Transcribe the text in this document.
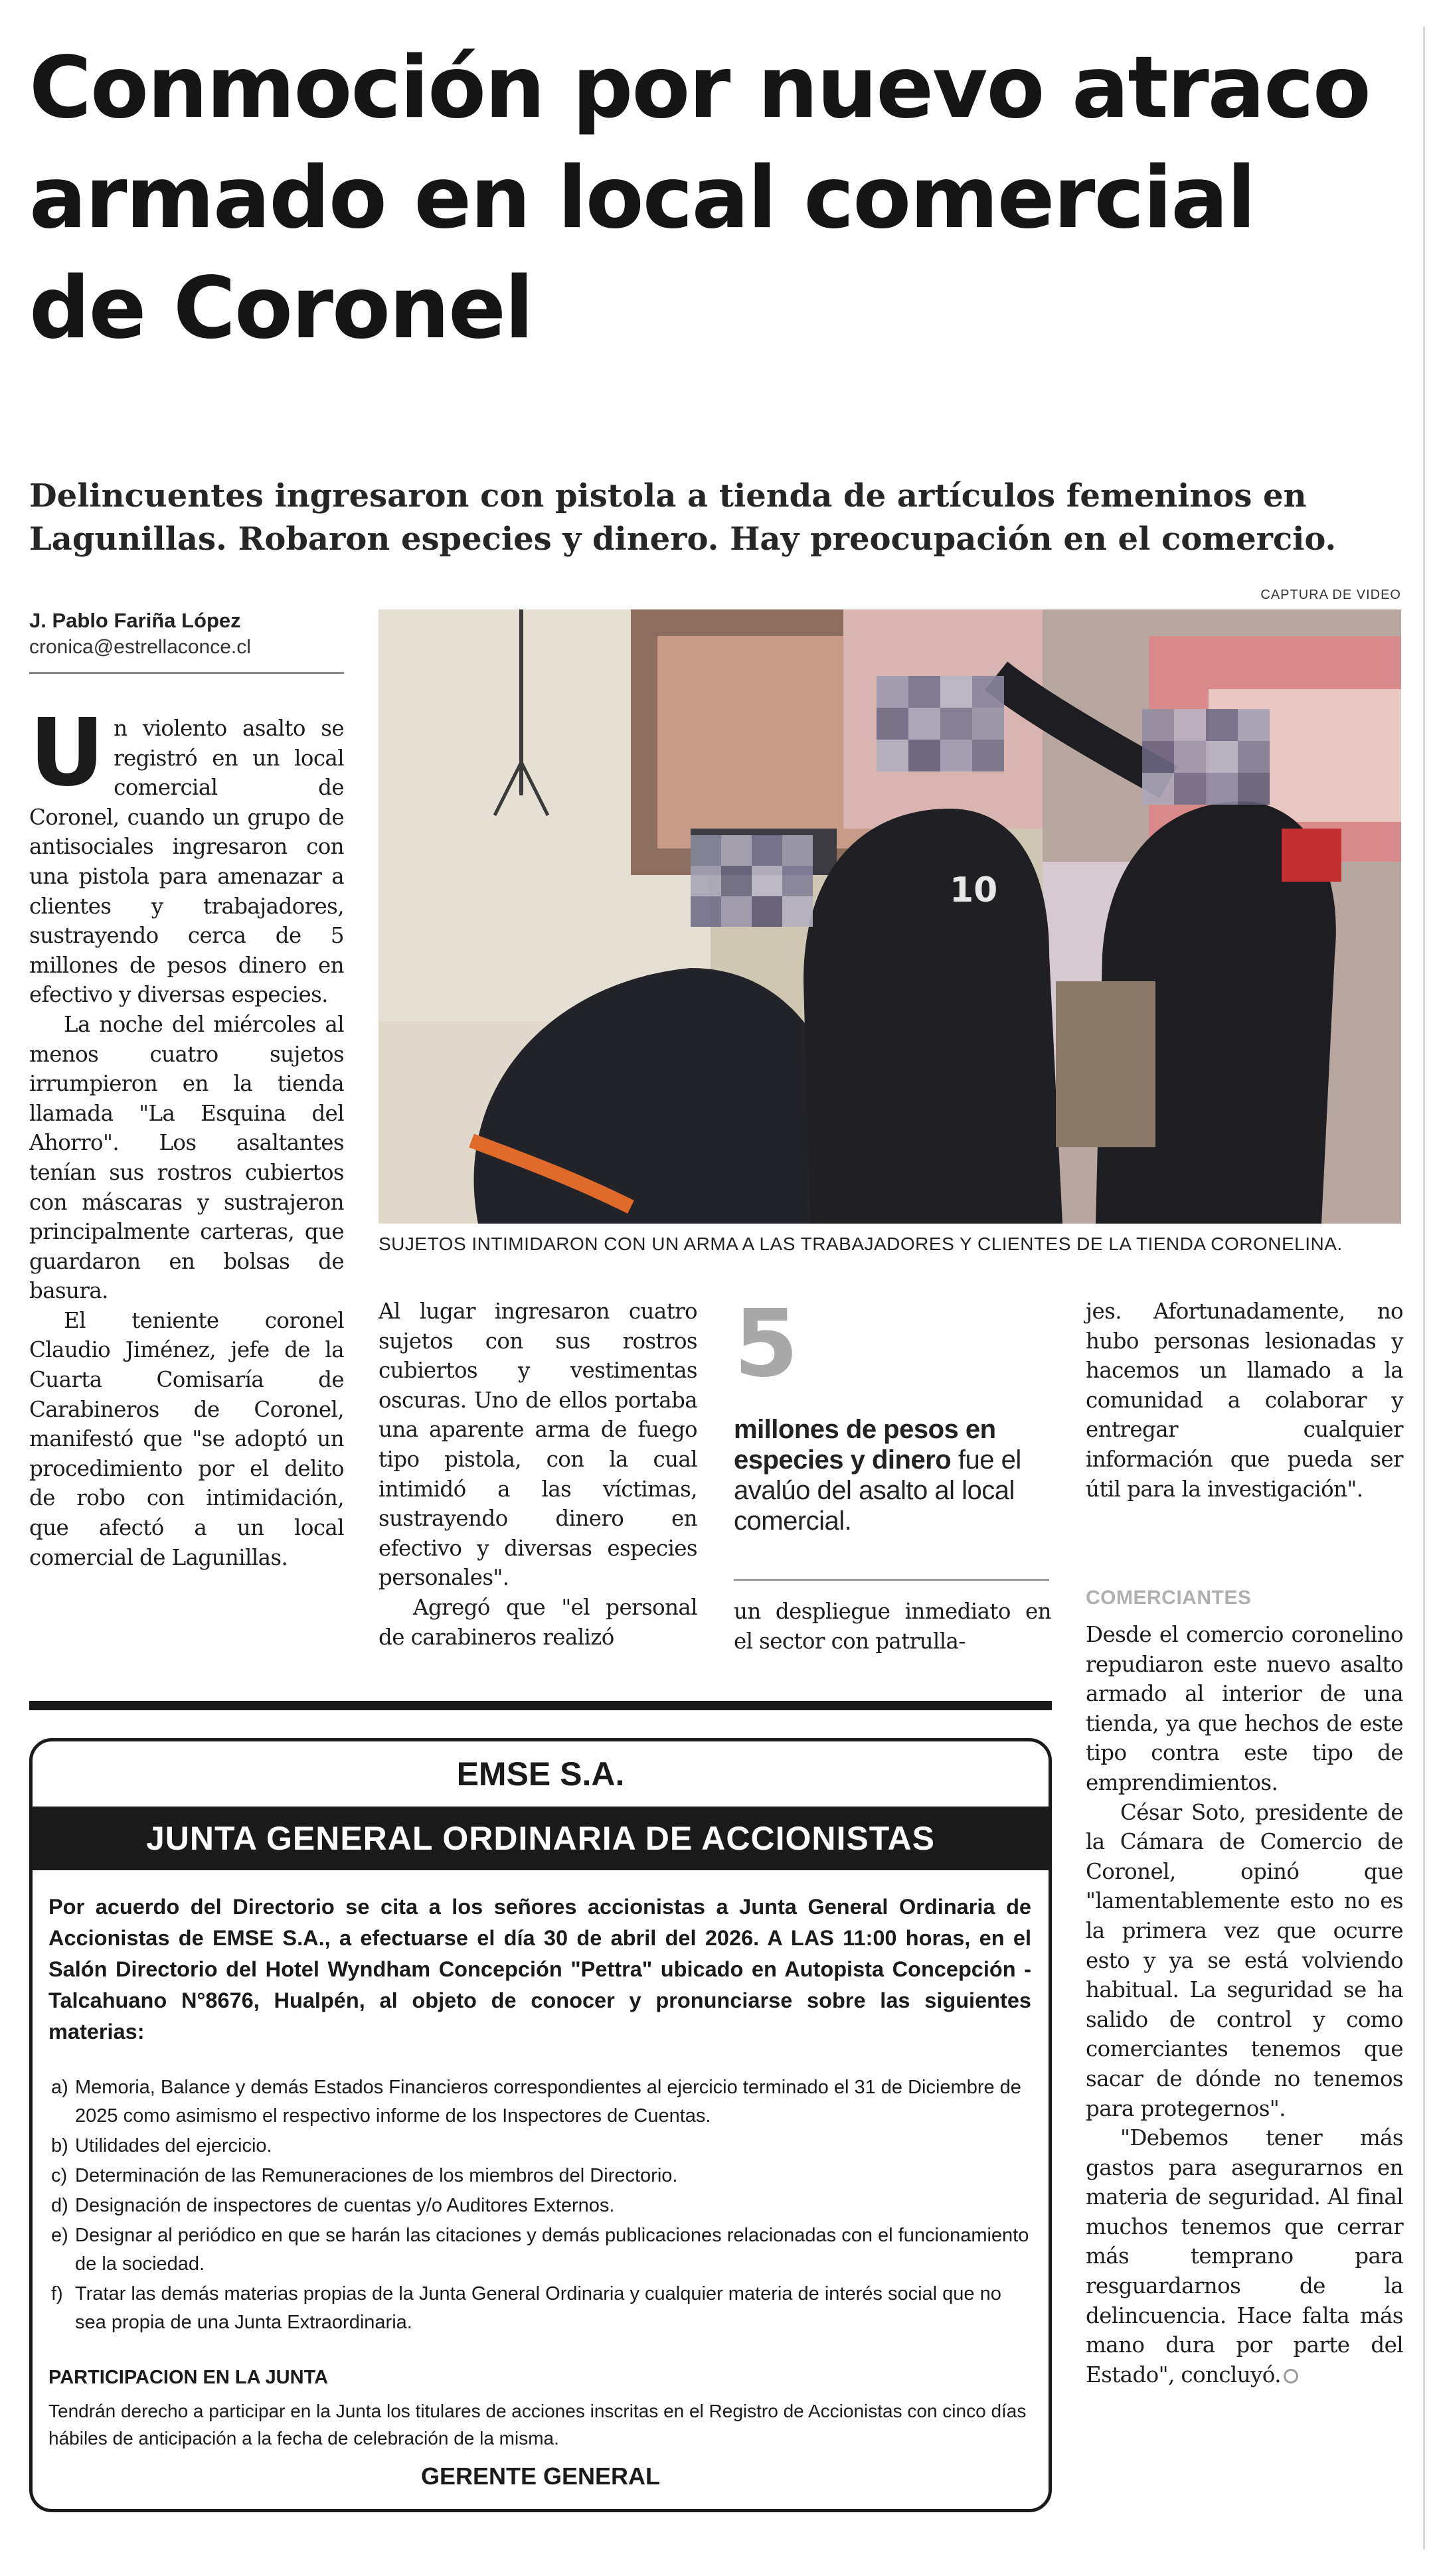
Conmoción por nuevo atraco armado en local comercial de Coronel
Delincuentes ingresaron con pistola a tienda de artículos femeninos en Lagunillas. Robaron especies y dinero. Hay preocupación en el comercio.
J. Pablo Fariña López
cronica@estrellaconce.cl
CAPTURA DE VIDEO
10
SUJETOS INTIMIDARON CON UN ARMA A LAS TRABAJADORES Y CLIENTES DE LA TIENDA CORONELINA.

Un violento asalto se registró en un local comercial de Coronel, cuando un grupo de antisociales ingresaron con una pistola para amenazar a clientes y trabajadores, sustrayendo cerca de 5 millones de pesos dinero en efectivo y diversas especies.

La noche del miércoles al menos cuatro sujetos irrumpieron en la tienda llamada "La Esquina del Ahorro". Los asaltantes tenían sus rostros cubiertos con máscaras y sustrajeron principalmente carteras, que guardaron en bolsas de basura.

El teniente coronel Claudio Jiménez, jefe de la Cuarta Comisaría de Carabineros de Coronel, manifestó que "se adoptó un procedimiento por el delito de robo con intimidación, que afectó a un local comercial de Lagunillas.

Al lugar ingresaron cuatro sujetos con sus rostros cubiertos y vestimentas oscuras. Uno de ellos portaba una aparente arma de fuego tipo pistola, con la cual intimidó a las víctimas, sustrayendo dinero en efectivo y diversas especies personales".

Agregó que "el personal de carabineros realizó

5
millones de pesos en especies y dinero fue el avalúo del asalto al local comercial.

un despliegue inmediato en el sector con patrulla-

jes. Afortunadamente, no hubo personas lesionadas y hacemos un llamado a la comunidad a colaborar y entregar cualquier información que pueda ser útil para la investigación".

COMERCIANTES

Desde el comercio coronelino repudiaron este nuevo asalto armado al interior de una tienda, ya que hechos de este tipo contra este tipo de emprendimientos.

César Soto, presidente de la Cámara de Comercio de Coronel, opinó que "lamentablemente esto no es la primera vez que ocurre esto y ya se está volviendo habitual. La seguridad se ha salido de control y como comerciantes tenemos que sacar de dónde no tenemos para protegernos".

"Debemos tener más gastos para asegurarnos en materia de seguridad. Al final muchos tenemos que cerrar más temprano para resguardarnos de la delincuencia. Hace falta más mano dura por parte del Estado", concluyó.

EMSE S.A.
JUNTA GENERAL ORDINARIA DE ACCIONISTAS
Por acuerdo del Directorio se cita a los señores accionistas a Junta General Ordinaria de Accionistas de EMSE S.A., a efectuarse el día 30 de abril del 2026. A LAS 11:00 horas, en el Salón Directorio del Hotel Wyndham Concepción "Pettra" ubicado en Autopista Concepción - Talcahuano N°8676, Hualpén, al objeto de conocer y pronunciarse sobre las siguientes materias:
a) Memoria, Balance y demás Estados Financieros correspondientes al ejercicio terminado el 31 de Diciembre de 2025 como asimismo el respectivo informe de los Inspectores de Cuentas.
b) Utilidades del ejercicio.
c) Determinación de las Remuneraciones de los miembros del Directorio.
d) Designación de inspectores de cuentas y/o Auditores Externos.
e) Designar al periódico en que se harán las citaciones y demás publicaciones relacionadas con el funcionamiento de la sociedad.
f) Tratar las demás materias propias de la Junta General Ordinaria y cualquier materia de interés social que no sea propia de una Junta Extraordinaria.
PARTICIPACION EN LA JUNTA
Tendrán derecho a participar en la Junta los titulares de acciones inscritas en el Registro de Accionistas con cinco días hábiles de anticipación a la fecha de celebración de la misma.
GERENTE GENERAL
